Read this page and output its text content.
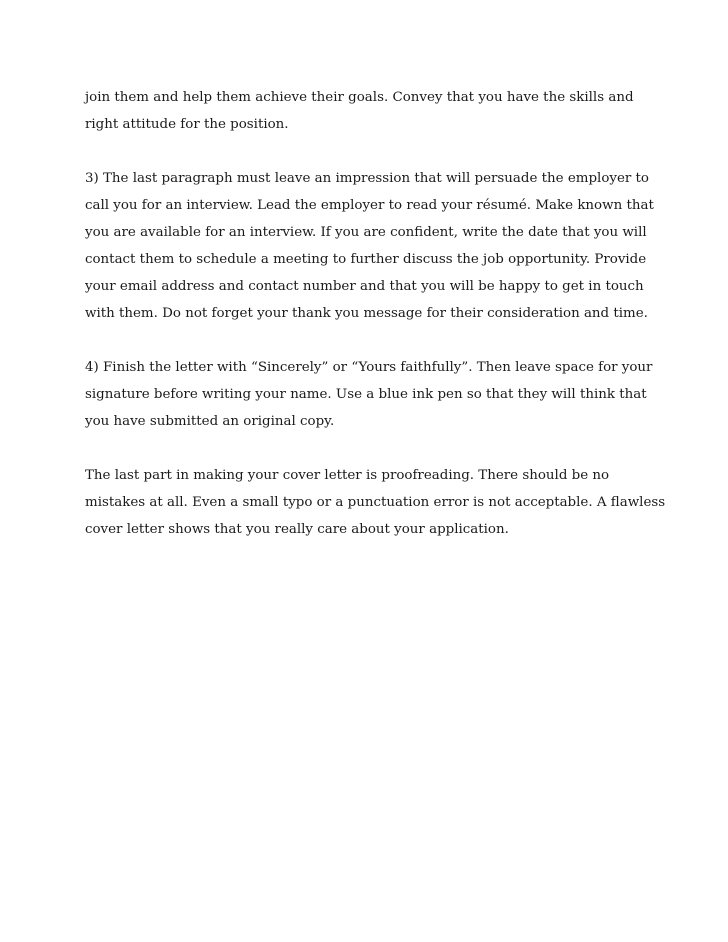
join them and help them achieve their goals. Convey that you have the skills and
right attitude for the position.
3) The last paragraph must leave an impression that will persuade the employer to
call you for an interview. Lead the employer to read your résumé. Make known that
you are available for an interview. If you are confident, write the date that you will
contact them to schedule a meeting to further discuss the job opportunity. Provide
your email address and contact number and that you will be happy to get in touch
with them. Do not forget your thank you message for their consideration and time.
4) Finish the letter with “Sincerely” or “Yours faithfully”. Then leave space for your
signature before writing your name. Use a blue ink pen so that they will think that
you have submitted an original copy.
The last part in making your cover letter is proofreading. There should be no
mistakes at all. Even a small typo or a punctuation error is not acceptable. A flawless
cover letter shows that you really care about your application.
